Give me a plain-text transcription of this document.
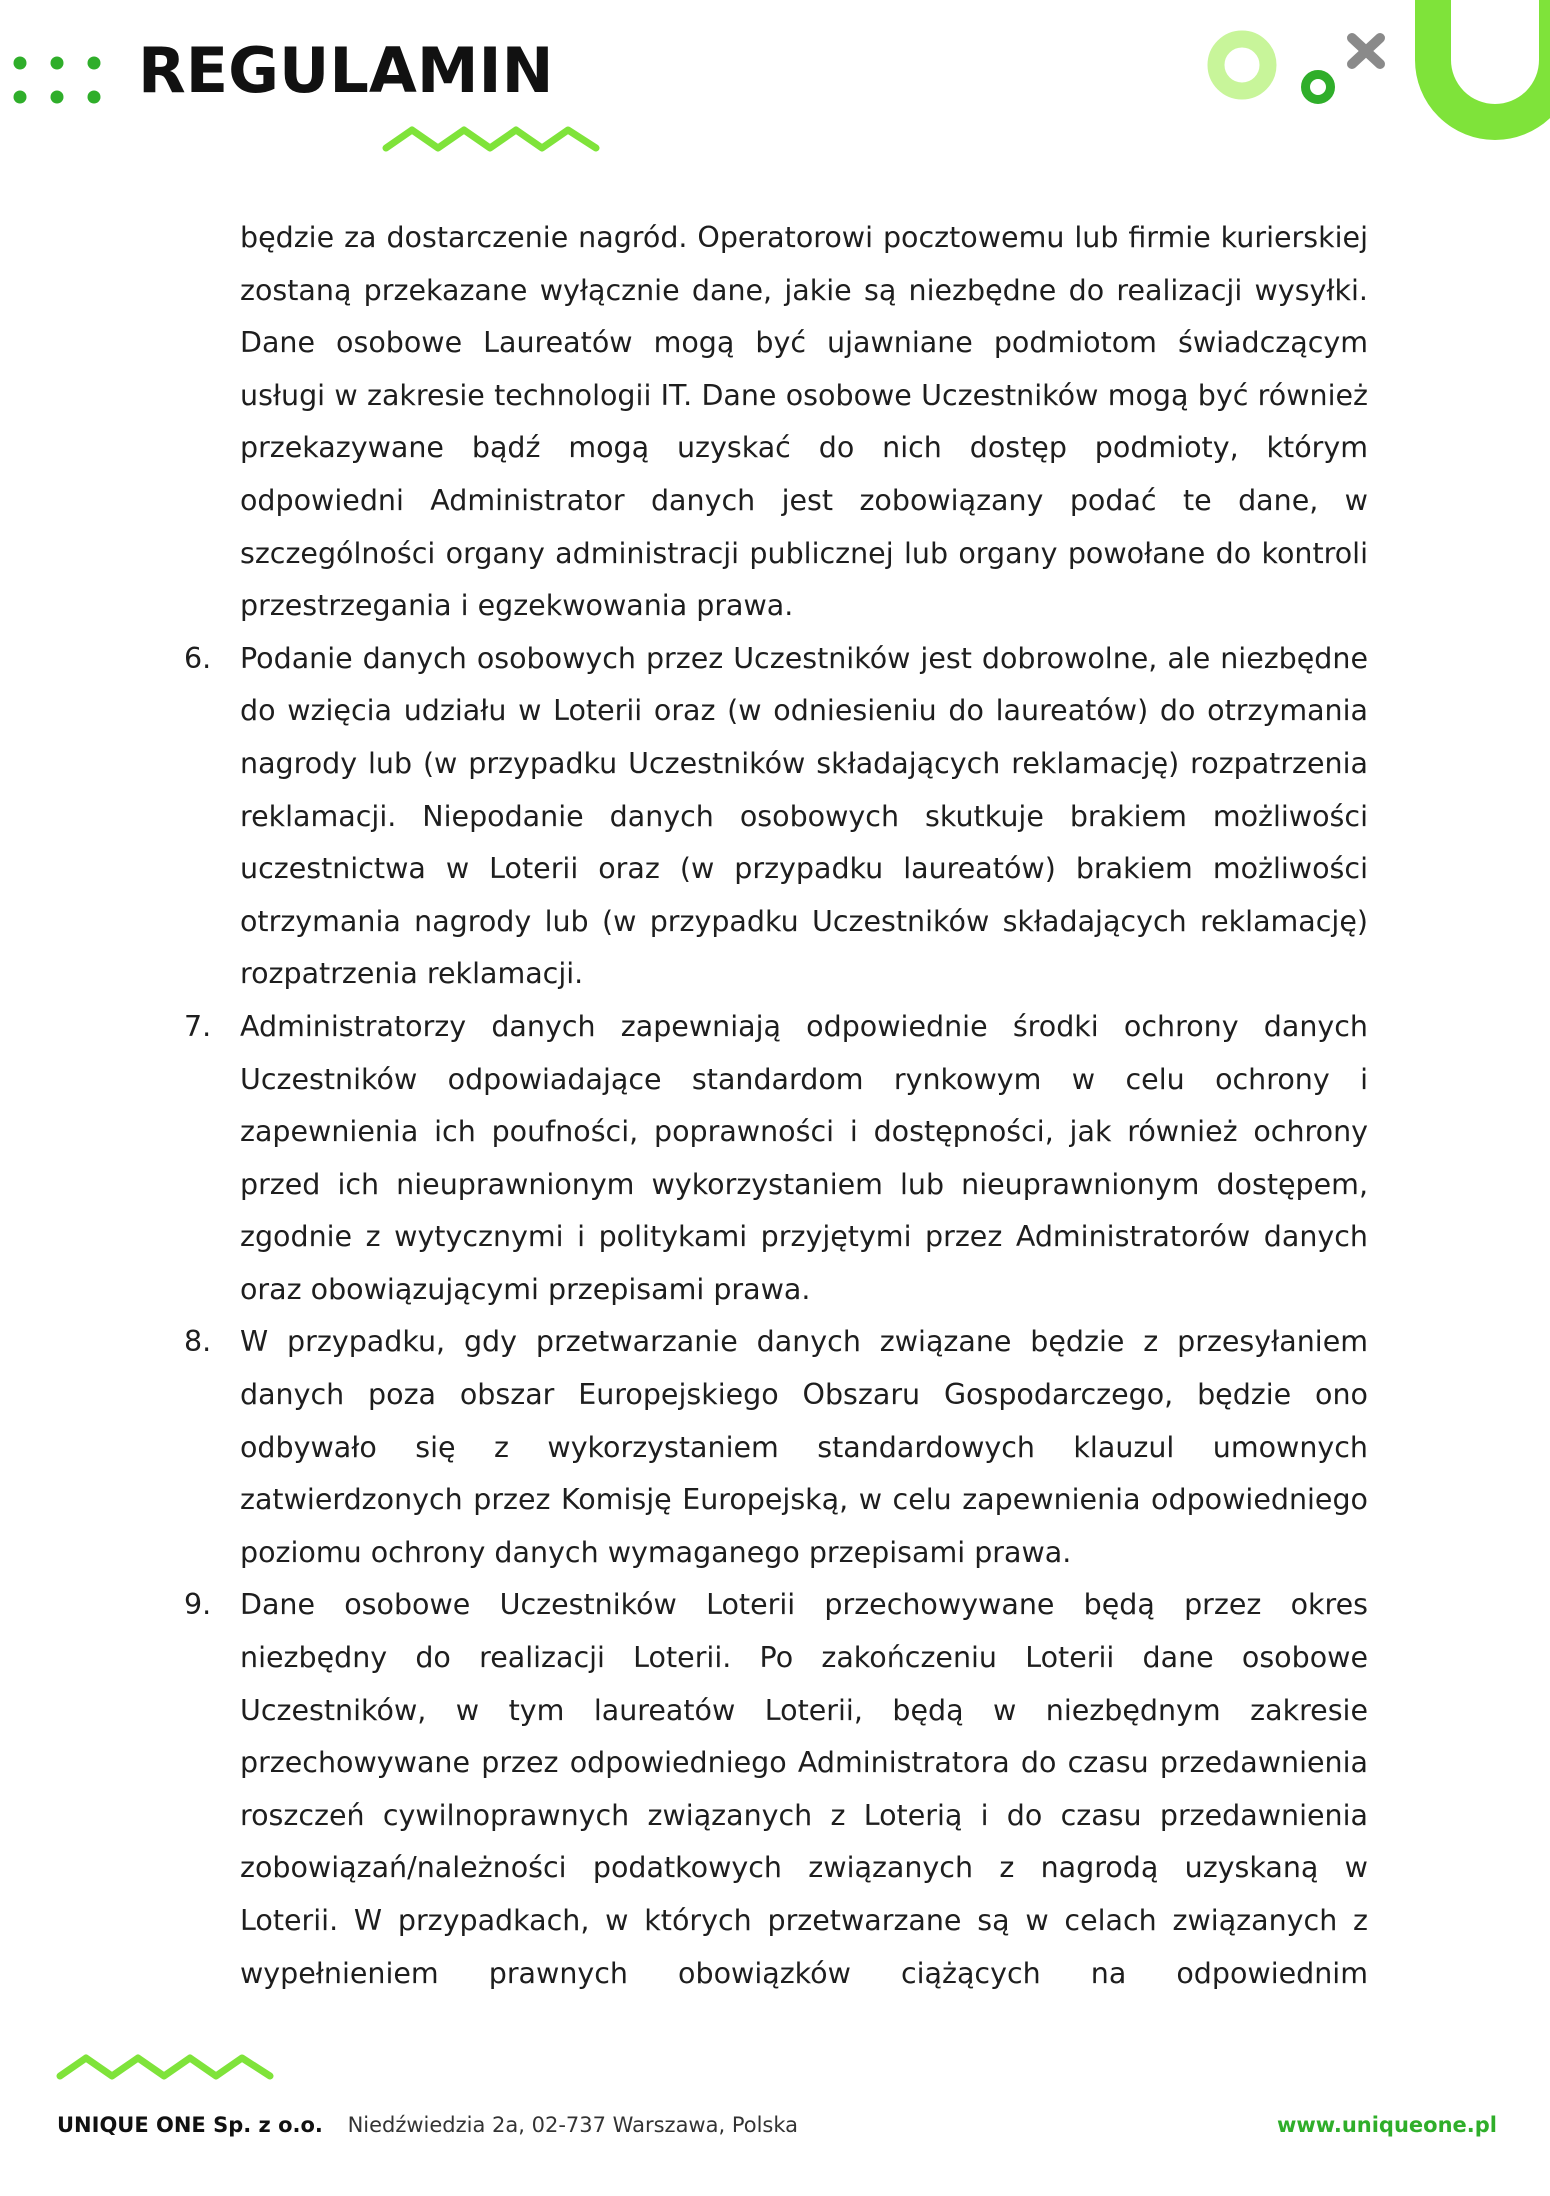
REGULAMIN

będzie za dostarczenie nagród. Operatorowi pocztowemu lub firmie kurierskiej zostaną przekazane wyłącznie dane, jakie są niezbędne do realizacji wysyłki. Dane osobowe Laureatów mogą być ujawniane podmiotom świadczącym usługi w zakresie technologii IT. Dane osobowe Uczestników mogą być również przekazywane bądź mogą uzyskać do nich dostęp podmioty, którym odpowiedni Administrator danych jest zobowiązany podać te dane, w szczególności organy administracji publicznej lub organy powołane do kontroli przestrzegania i egzekwowania prawa.

6. Podanie danych osobowych przez Uczestników jest dobrowolne, ale niezbędne do wzięcia udziału w Loterii oraz (w odniesieniu do laureatów) do otrzymania nagrody lub (w przypadku Uczestników składających reklamację) rozpatrzenia reklamacji. Niepodanie danych osobowych skutkuje brakiem możliwości uczestnictwa w Loterii oraz (w przypadku laureatów) brakiem możliwości otrzymania nagrody lub (w przypadku Uczestników składających reklamację) rozpatrzenia reklamacji.
7. Administratorzy danych zapewniają odpowiednie środki ochrony danych Uczestników odpowiadające standardom rynkowym w celu ochrony i zapewnienia ich poufności, poprawności i dostępności, jak również ochrony przed ich nieuprawnionym wykorzystaniem lub nieuprawnionym dostępem, zgodnie z wytycznymi i politykami przyjętymi przez Administratorów danych oraz obowiązującymi przepisami prawa.
8. W przypadku, gdy przetwarzanie danych związane będzie z przesyłaniem danych poza obszar Europejskiego Obszaru Gospodarczego, będzie ono odbywało się z wykorzystaniem standardowych klauzul umownych zatwierdzonych przez Komisję Europejską, w celu zapewnienia odpowiedniego poziomu ochrony danych wymaganego przepisami prawa.
9. Dane osobowe Uczestników Loterii przechowywane będą przez okres niezbędny do realizacji Loterii. Po zakończeniu Loterii dane osobowe Uczestników, w tym laureatów Loterii, będą w niezbędnym zakresie przechowywane przez odpowiedniego Administratora do czasu przedawnienia roszczeń cywilnoprawnych związanych z Loterią i do czasu przedawnienia zobowiązań/należności podatkowych związanych z nagrodą uzyskaną w Loterii. W przypadkach, w których przetwarzane są w celach związanych z wypełnieniem prawnych obowiązków ciążących na odpowiednim
UNIQUE ONE Sp. z o.o. Niedźwiedzia 2a, 02-737 Warszawa, Polska	www.uniqueone.pl
